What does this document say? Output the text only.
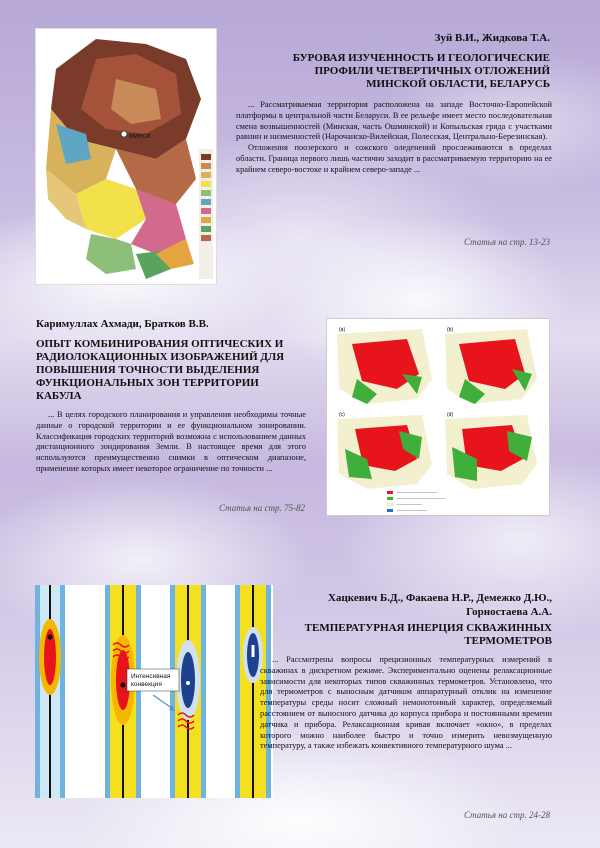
МИНСК
Зуй В.И., Жидкова Т.А.
БУРОВАЯ ИЗУЧЕННОСТЬ И ГЕОЛОГИЧЕСКИЕ
ПРОФИЛИ ЧЕТВЕРТИЧНЫХ ОТЛОЖЕНИЙ
МИНСКОЙ ОБЛАСТИ, БЕЛАРУСЬ

... Рассматриваемая территория расположена на западе Восточно-Европейской платформы в центральной части Беларуси. В ее рельефе имеет место последовательная смена возвышенностей (Минская, часть Ошмянской) и Копыльская гряда с участками равнин и низменностей (Нарочанско-Вилейская, Полесская, Центрально-Березинская).

Отложения поозерского и сожского оледенений прослеживаются в пределах области. Граница первого лишь частично заходит в рассматриваемую территорию на ее крайнем северо-востоке и крайнем северо-западе ...

Статья на стр. 13-23
Каримуллах Ахмади, Братков В.В.
ОПЫТ КОМБИНИРОВАНИЯ ОПТИЧЕСКИХ И
РАДИОЛОКАЦИОННЫХ ИЗОБРАЖЕНИЙ ДЛЯ
ПОВЫШЕНИЯ ТОЧНОСТИ ВЫДЕЛЕНИЯ
ФУНКЦИОНАЛЬНЫХ ЗОН ТЕРРИТОРИИ
КАБУЛА

... В целях городского планирования и управления необходимы точные данные о городской территории и ее функциональном зонировании. Классификация городских территорий возможна с использованием данных дистанционного зондирования Земли. В настоящее время для этого используются преимущественно снимки в оптическом диапазоне, применение которых имеет некоторое ограничение по точности ...

Статья на стр. 75-82
(a)	(b)
(c)	(d)
Интенсивная
конвекция
Хацкевич Б.Д., Факаева Н.Р., Демежко Д.Ю.,
Горностаева А.А.
ТЕМПЕРАТУРНАЯ ИНЕРЦИЯ СКВАЖИННЫХ
ТЕРМОМЕТРОВ

... Рассмотрены вопросы прецизионных температурных измерений в скважинах в дискретном режиме. Экспериментально оценены релаксационные зависимости для некоторых типов скважинных термометров. Установлено, что для термометров с выносным датчиком аппаратурный отклик на изменение температуры среды носит сложный немонотонный характер, определяемый расстоянием от выносного датчика до корпуса прибора и постоянными времени датчика и прибора. Релаксационная кривая включает «окно», в пределах которого можно наиболее быстро и точно измерить невозмущенную температуру, а также избежать конвективного температурного шума ...

Статья на стр. 24-28
